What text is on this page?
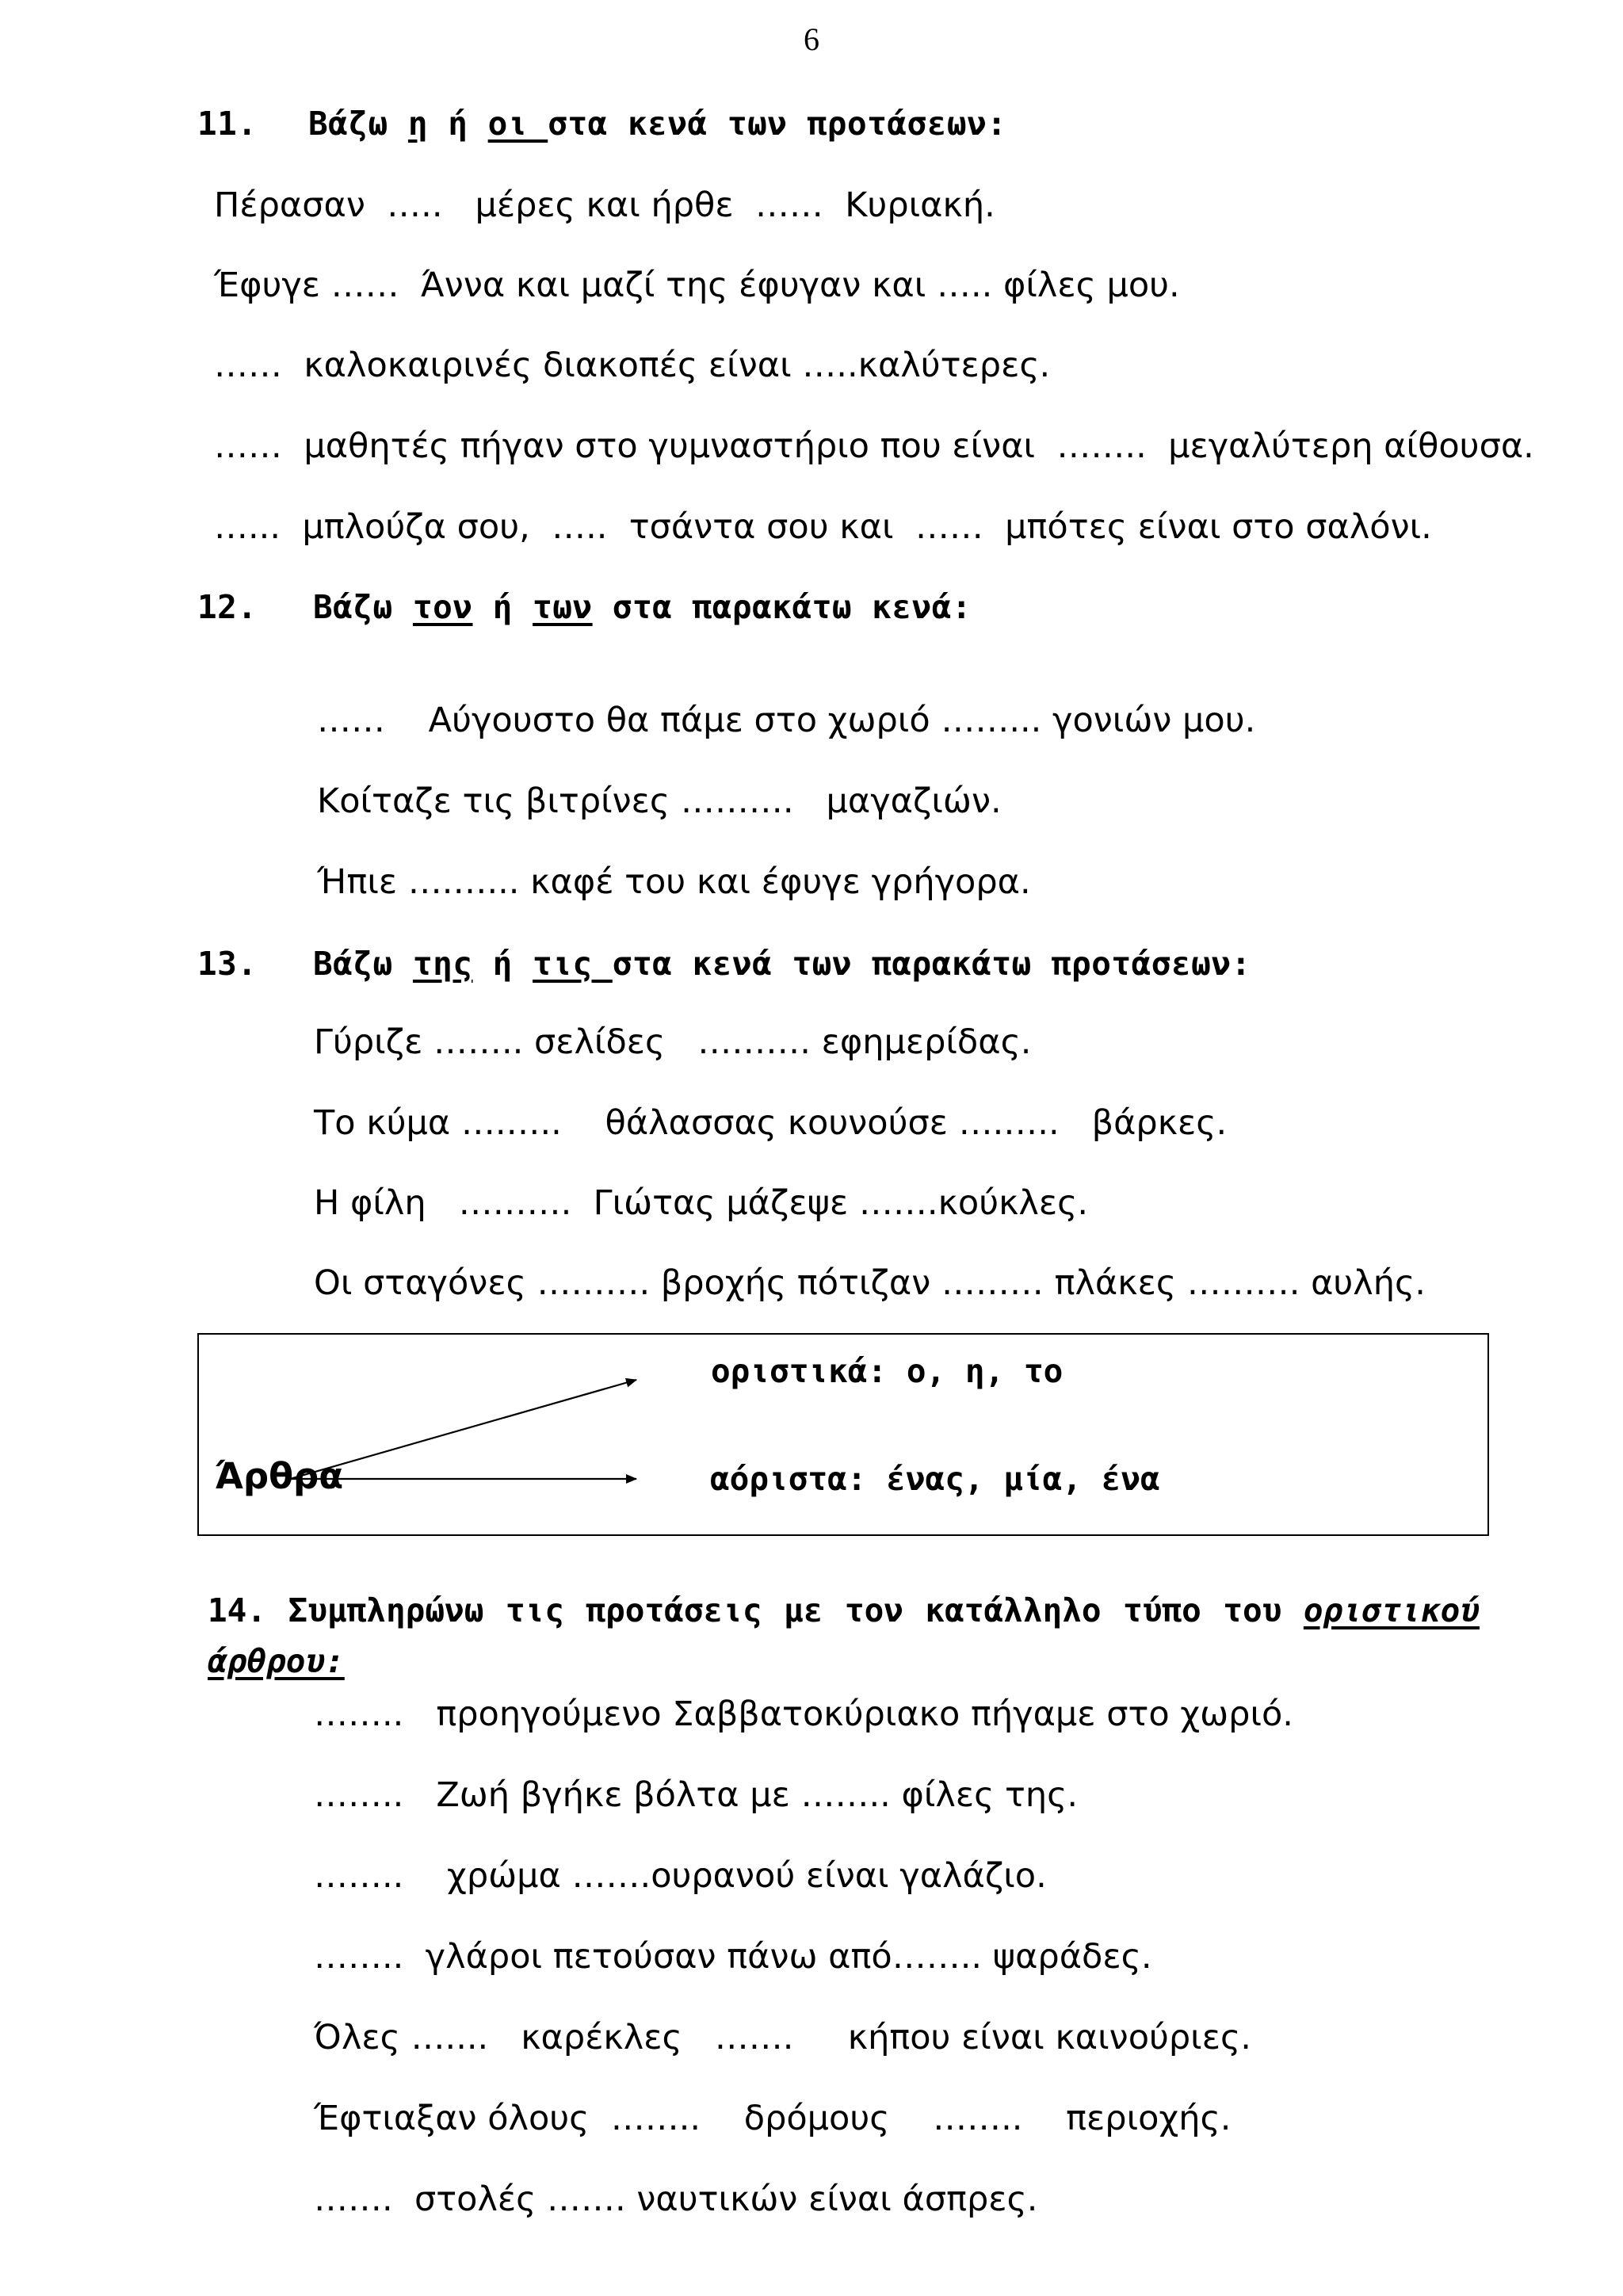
6
11. Βάζω η ή οι στα κενά των προτάσεων:
Πέρασαν  …..   μέρες και ήρθε  ……  Κυριακή.
Έφυγε ……  Άννα και μαζί της έφυγαν και ….. φίλες μου.
……  καλοκαιρινές διακοπές είναι …..καλύτερες.
……  μαθητές πήγαν στο γυμναστήριο που είναι  ……..  μεγαλύτερη αίθουσα.
…...  μπλούζα σου,  …..  τσάντα σου και  ……  μπότες είναι στο σαλόνι.
12. Βάζω τον ή των στα παρακάτω κενά:
……    Αύγουστο θα πάμε στο χωριό ……... γονιών μου.
Κοίταζε τις βιτρίνες ……….   μαγαζιών.
Ήπιε ….…... καφέ του και έφυγε γρήγορα.
13. Βάζω της ή τις στα κενά των παρακάτω προτάσεων:
Γύριζε …….. σελίδες   ………. εφημερίδας.
Το κύμα ….…..    θάλασσας κουνούσε ….…..   βάρκες.
Η φίλη   ……….  Γιώτας μάζεψε …….κούκλες.
Οι σταγόνες ………. βροχής πότιζαν ……… πλάκες ………. αυλής.
οριστικά: ο, η, το
αόριστα: ένας, μία, ένα
Άρθρα
14. Συμπληρώνω τις προτάσεις με τον κατάλληλο τύπο του οριστικού άρθρου:
……..   προηγούμενο Σαββατοκύριακο πήγαμε στο χωριό.
……..   Ζωή βγήκε βόλτα με …….. φίλες της.
……..    χρώμα …….ουρανού είναι γαλάζιο.
……..  γλάροι πετούσαν πάνω από…….. ψαράδες.
Όλες …....   καρέκλες   …….     κήπου είναι καινούριες.
Έφτιαξαν όλους  ……..    δρόμους    ……..    περιοχής.
…….  στολές ……. ναυτικών είναι άσπρες.
